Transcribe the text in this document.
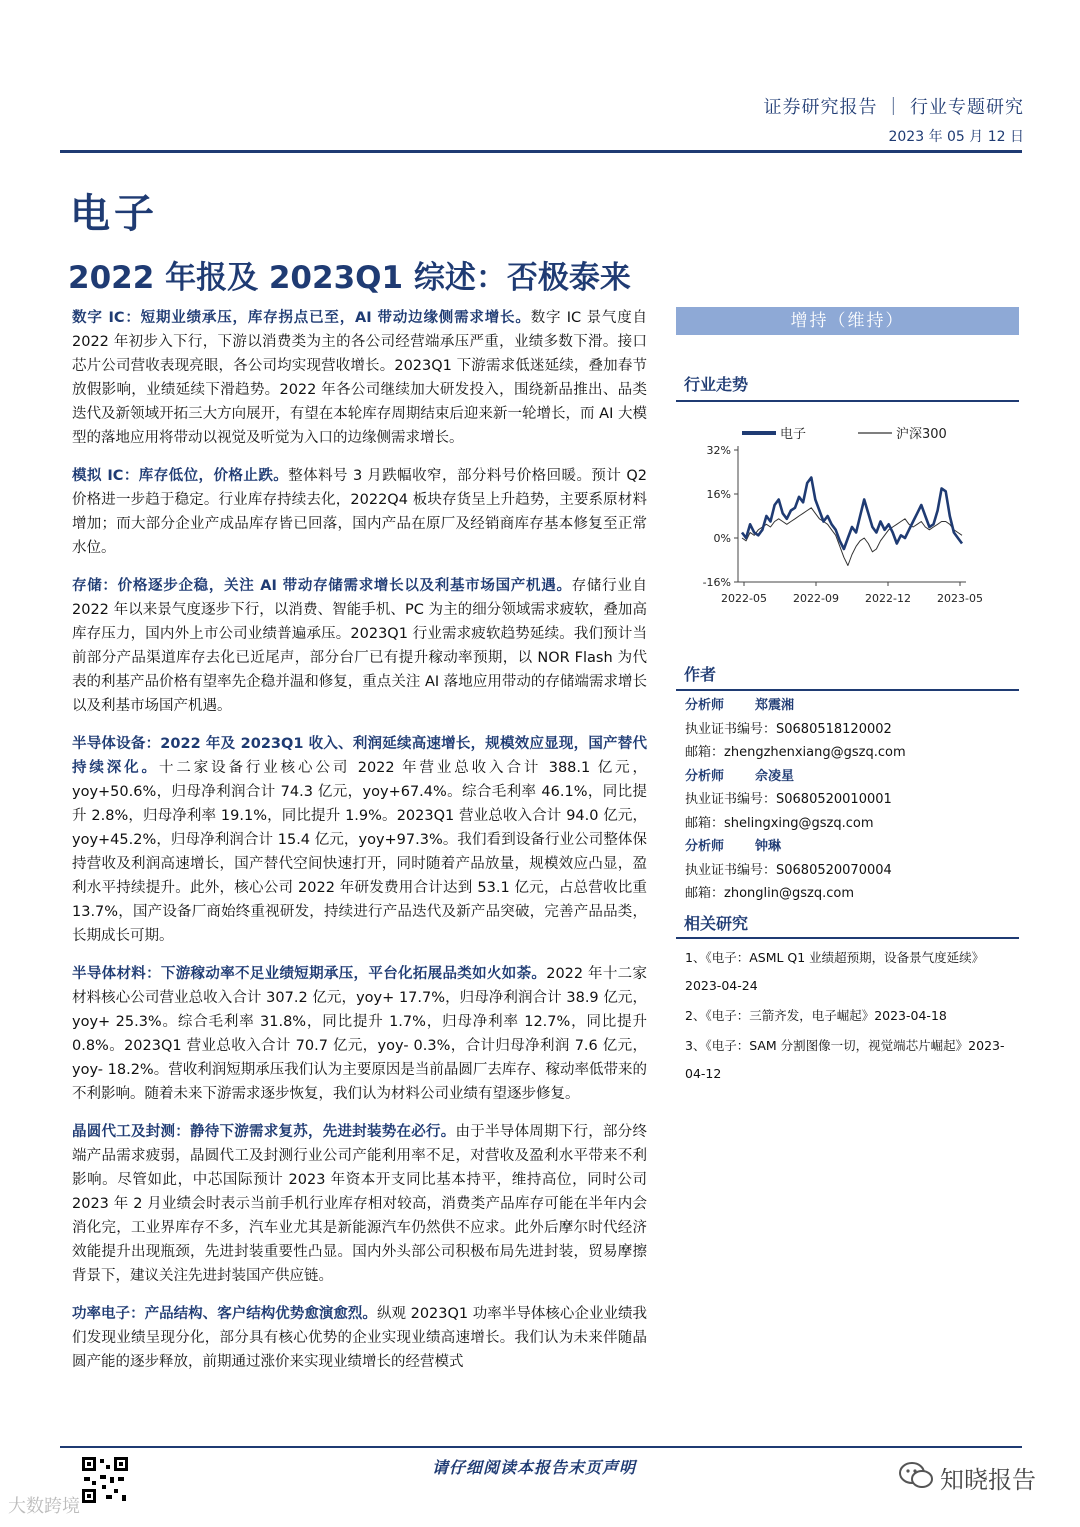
证券研究报告 ｜ 行业专题研究
2023 年 05 月 12 日
电子
2022 年报及 2023Q1 综述：否极泰来

数字 IC：短期业绩承压，库存拐点已至，AI 带动边缘侧需求增长。数字 IC 景气度自 2022 年初步入下行，下游以消费类为主的各公司经营端承压严重，业绩多数下滑。接口芯片公司营收表现亮眼，各公司均实现营收增长。2023Q1 下游需求低迷延续，叠加春节放假影响，业绩延续下滑趋势。2022 年各公司继续加大研发投入，围绕新品推出、品类迭代及新领域开拓三大方向展开，有望在本轮库存周期结束后迎来新一轮增长，而 AI 大模型的落地应用将带动以视觉及听觉为入口的边缘侧需求增长。

模拟 IC：库存低位，价格止跌。整体料号 3 月跌幅收窄，部分料号价格回暖。预计 Q2 价格进一步趋于稳定。行业库存持续去化，2022Q4 板块存货呈上升趋势，主要系原材料增加；而大部分企业产成品库存皆已回落，国内产品在原厂及经销商库存基本修复至正常水位。

存储：价格逐步企稳，关注 AI 带动存储需求增长以及利基市场国产机遇。存储行业自 2022 年以来景气度逐步下行，以消费、智能手机、PC 为主的细分领域需求疲软，叠加高库存压力，国内外上市公司业绩普遍承压。2023Q1 行业需求疲软趋势延续。我们预计当前部分产品渠道库存去化已近尾声，部分台厂已有提升稼动率预期，以 NOR Flash 为代表的利基产品价格有望率先企稳并温和修复，重点关注 AI 落地应用带动的存储端需求增长以及利基市场国产机遇。

半导体设备：2022 年及 2023Q1 收入、利润延续高速增长，规模效应显现，国产替代持续深化。十二家设备行业核心公司 2022 年营业总收入合计 388.1 亿元，yoy+50.6%，归母净利润合计 74.3 亿元，yoy+67.4%。综合毛利率 46.1%，同比提升 2.8%，归母净利率 19.1%，同比提升 1.9%。2023Q1 营业总收入合计 94.0 亿元，yoy+45.2%，归母净利润合计 15.4 亿元，yoy+97.3%。我们看到设备行业公司整体保持营收及利润高速增长，国产替代空间快速打开，同时随着产品放量，规模效应凸显，盈利水平持续提升。此外，核心公司 2022 年研发费用合计达到 53.1 亿元，占总营收比重 13.7%，国产设备厂商始终重视研发，持续进行产品迭代及新产品突破，完善产品品类，长期成长可期。

半导体材料：下游稼动率不足业绩短期承压，平台化拓展品类如火如荼。2022 年十二家材料核心公司营业总收入合计 307.2 亿元，yoy+ 17.7%，归母净利润合计 38.9 亿元，yoy+ 25.3%。综合毛利率 31.8%，同比提升 1.7%，归母净利率 12.7%，同比提升 0.8%。2023Q1 营业总收入合计 70.7 亿元，yoy- 0.3%，合计归母净利润 7.6 亿元，yoy- 18.2%。营收利润短期承压我们认为主要原因是当前晶圆厂去库存、稼动率低带来的不利影响。随着未来下游需求逐步恢复，我们认为材料公司业绩有望逐步修复。

晶圆代工及封测：静待下游需求复苏，先进封装势在必行。由于半导体周期下行，部分终端产品需求疲弱，晶圆代工及封测行业公司产能利用率不足，对营收及盈利水平带来不利影响。尽管如此，中芯国际预计 2023 年资本开支同比基本持平，维持高位，同时公司 2023 年 2 月业绩会时表示当前手机行业库存相对较高，消费类产品库存可能在半年内会消化完，工业界库存不多，汽车业尤其是新能源汽车仍然供不应求。此外后摩尔时代经济效能提升出现瓶颈，先进封装重要性凸显。国内外头部公司积极布局先进封装，贸易摩擦背景下，建议关注先进封装国产供应链。

功率电子：产品结构、客户结构优势愈演愈烈。纵观 2023Q1 功率半导体核心企业业绩我们发现业绩呈现分化，部分具有核心优势的企业实现业绩高速增长。我们认为未来伴随晶圆产能的逐步释放，前期通过涨价来实现业绩增长的经营模式

增持（维持）
行业走势
电子	沪深300
32%
16%
0%
-16%
2022-05 2022-09 2022-12 2023-05
作者
分析师 郑震湘
执业证书编号：S0680518120002
邮箱：zhengzhenxiang@gszq.com
分析师 佘凌星
执业证书编号：S0680520010001
邮箱：shelingxing@gszq.com
分析师 钟琳
执业证书编号：S0680520070004
邮箱：zhonglin@gszq.com
相关研究
1、《电子：ASML Q1 业绩超预期，设备景气度延续》2023-04-24
2、《电子：三箭齐发，电子崛起》2023-04-18
3、《电子：SAM 分割图像一切，视觉端芯片崛起》2023-04-12
请仔细阅读本报告末页声明
大数跨境
知晓报告
